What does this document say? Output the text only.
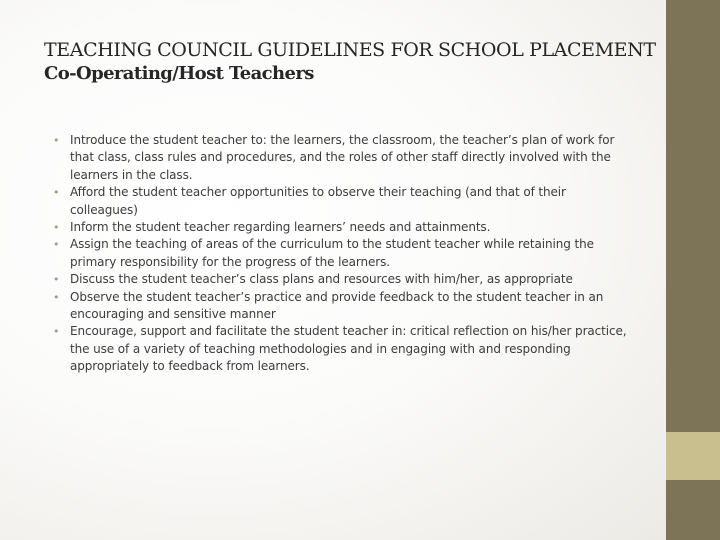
TEACHING COUNCIL GUIDELINES FOR SCHOOL PLACEMENT
Co-Operating/Host Teachers
• Introduce the student teacher to: the learners, the classroom, the teacher’s plan of work for that class, class rules and procedures, and the roles of other staff directly involved with the learners in the class.
• Afford the student teacher opportunities to observe their teaching (and that of their colleagues)
• Inform the student teacher regarding learners’ needs and attainments.
• Assign the teaching of areas of the curriculum to the student teacher while retaining the primary responsibility for the progress of the learners.
• Discuss the student teacher’s class plans and resources with him/her, as appropriate
• Observe the student teacher’s practice and provide feedback to the student teacher in an encouraging and sensitive manner
• Encourage, support and facilitate the student teacher in: critical reflection on his/her practice, the use of a variety of teaching methodologies and in engaging with and responding appropriately to feedback from learners.
